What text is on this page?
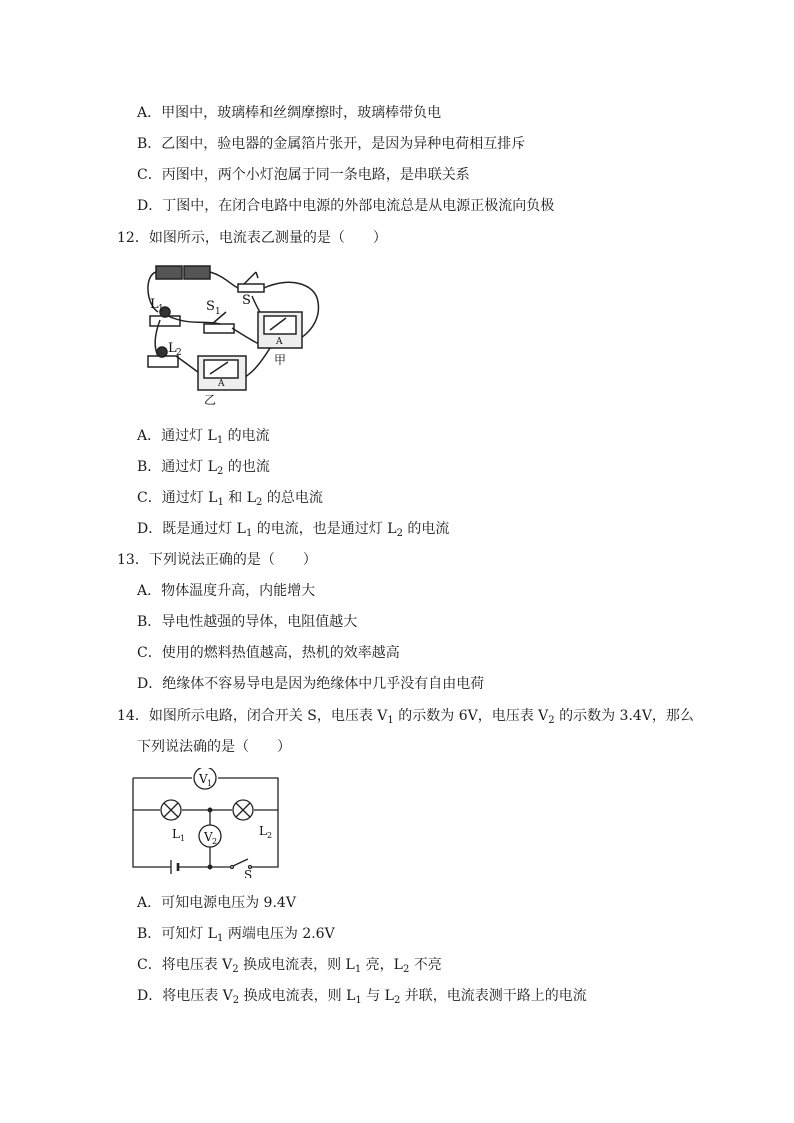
A．甲图中，玻璃棒和丝绸摩擦时，玻璃棒带负电
B．乙图中，验电器的金属箔片张开，是因为异种电荷相互排斥
C．丙图中，两个小灯泡属于同一条电路，是串联关系
D．丁图中，在闭合电路中电源的外部电流总是从电源正极流向负极
12．如图所示，电流表乙测量的是（　　）
S
S 1
L 1
L 2	甲
乙
A
A
A．通过灯 $L_1$ 的电流
B．通过灯 $L_2$ 的也流
C．通过灯 $L_1$ 和 $L_2$ 的总电流
D．既是通过灯 $L_1$ 的电流，也是通过灯 $L_2$ 的电流
13．下列说法正确的是（　　）
A．物体温度升高，内能增大
B．导电性越强的导体，电阻值越大
C．使用的燃料热值越高，热机的效率越高
D．绝缘体不容易导电是因为绝缘体中几乎没有自由电荷
14．如图所示电路，闭合开关 S，电压表 $V_1$ 的示数为 6V，电压表 $V_2$ 的示数为 3.4V，那么
下列说法确的是（　　）
V 1
V 2
L 1
L 2
S
A．可知电源电压为 9.4V
B．可知灯 $L_1$ 两端电压为 2.6V
C．将电压表 $V_2$ 换成电流表，则 $L_1$ 亮，$L_2$ 不亮
D．将电压表 $V_2$ 换成电流表，则 $L_1$ 与 $L_2$ 并联，电流表测干路上的电流
